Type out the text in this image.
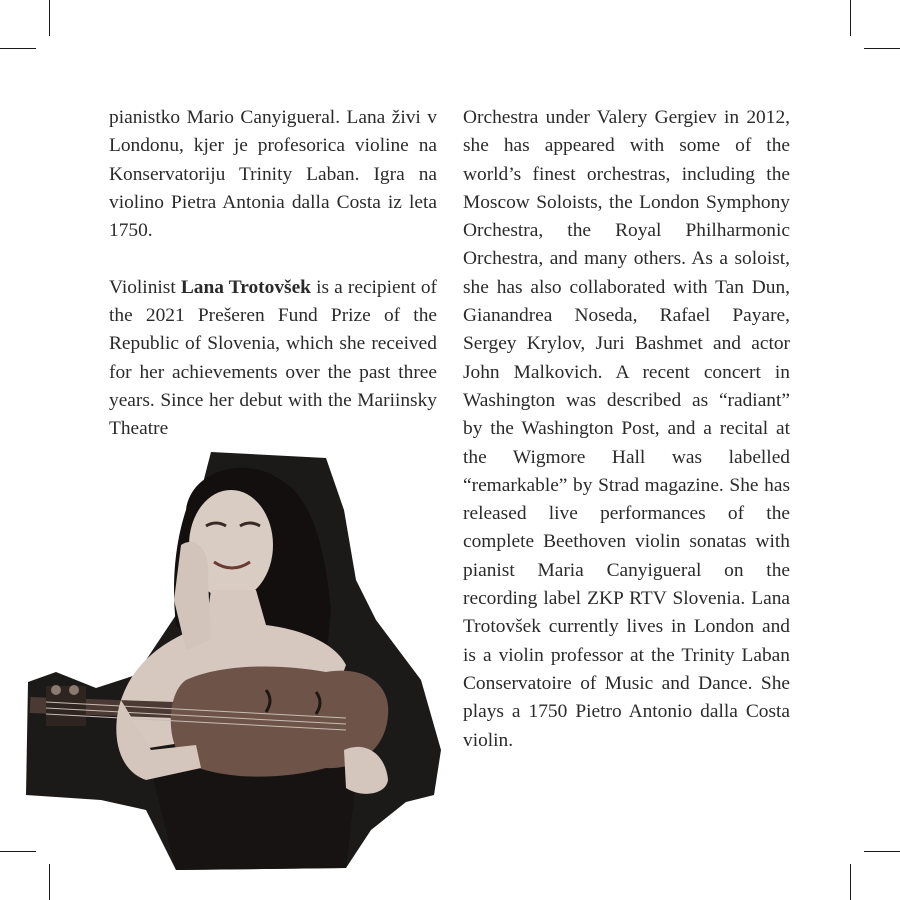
pianistko Mario Canyigueral. Lana živi v Londonu, kjer je profesorica violine na Konservatoriju Trinity Laban. Igra na violino Pietra Antonia dalla Costa iz leta 1750.

Violinist Lana Trotovšek is a recipient of the 2021 Prešeren Fund Prize of the Republic of Slovenia, which she received for her achievements over the past three years. Since her debut with the Mariinsky Theatre

Orchestra under Valery Gergiev in 2012, she has appeared with some of the world’s finest orchestras, including the Moscow Soloists, the London Symphony Orchestra, the Royal Philharmonic Orchestra, and many others. As a soloist, she has also collaborated with Tan Dun, Gianandrea Noseda, Rafael Payare, Sergey Krylov, Juri Bashmet and actor John Malkovich. A recent concert in Washington was described as “radiant” by the Washington Post, and a recital at the Wigmore Hall was labelled “remarkable” by Strad magazine. She has released live performances of the complete Beethoven violin sonatas with pianist Maria Canyigueral on the recording label ZKP RTV Slovenia. Lana Trotovšek currently lives in London and is a violin professor at the Trinity Laban Conservatoire of Music and Dance. She plays a 1750 Pietro Antonio dalla Costa violin.
